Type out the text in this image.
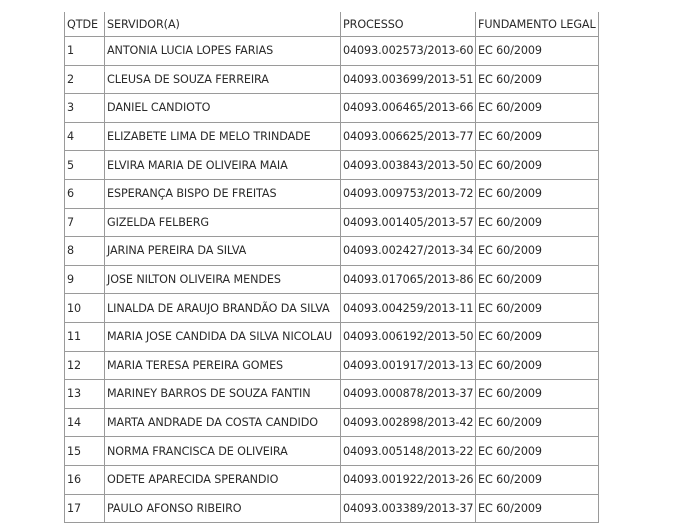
QTDE	SERVIDOR(A)	PROCESSO	FUNDAMENTO LEGAL
1	ANTONIA LUCIA LOPES FARIAS	04093.002573/2013-60	EC 60/2009
2	CLEUSA DE SOUZA FERREIRA	04093.003699/2013-51	EC 60/2009
3	DANIEL CANDIOTO	04093.006465/2013-66	EC 60/2009
4	ELIZABETE LIMA DE MELO TRINDADE	04093.006625/2013-77	EC 60/2009
5	ELVIRA MARIA DE OLIVEIRA MAIA	04093.003843/2013-50	EC 60/2009
6	ESPERANÇA BISPO DE FREITAS	04093.009753/2013-72	EC 60/2009
7	GIZELDA FELBERG	04093.001405/2013-57	EC 60/2009
8	JARINA PEREIRA DA SILVA	04093.002427/2013-34	EC 60/2009
9	JOSE NILTON OLIVEIRA MENDES	04093.017065/2013-86	EC 60/2009
10	LINALDA DE ARAUJO BRANDÃO DA SILVA	04093.004259/2013-11	EC 60/2009
11	MARIA JOSE CANDIDA DA SILVA NICOLAU	04093.006192/2013-50	EC 60/2009
12	MARIA TERESA PEREIRA GOMES	04093.001917/2013-13	EC 60/2009
13	MARINEY BARROS DE SOUZA FANTIN	04093.000878/2013-37	EC 60/2009
14	MARTA ANDRADE DA COSTA CANDIDO	04093.002898/2013-42	EC 60/2009
15	NORMA FRANCISCA DE OLIVEIRA	04093.005148/2013-22	EC 60/2009
16	ODETE APARECIDA SPERANDIO	04093.001922/2013-26	EC 60/2009
17	PAULO AFONSO RIBEIRO	04093.003389/2013-37	EC 60/2009
